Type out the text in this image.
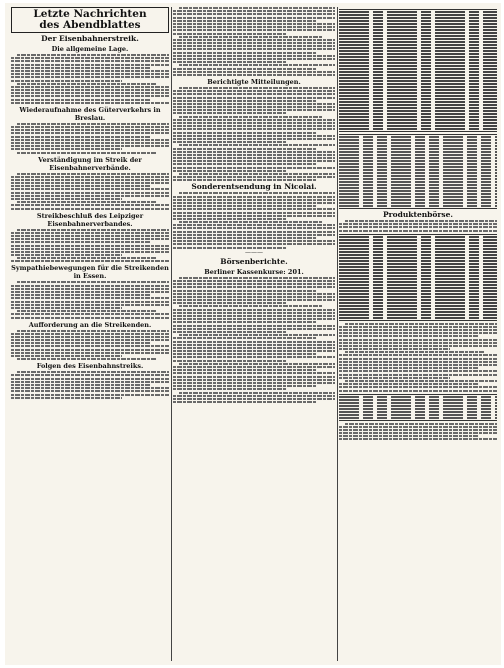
Letzte Nachrichten
des Abendblattes
Der Eisenbahnerstreik.
Die allgemeine Lage.
Wiederaufnahme des Güterverkehrs in Breslau.
Verständigung im Streik der Eisenbahnerverbände.
Streikbeschluß des Leipziger Eisenbahnerverbandes.
Sympathiebewegungen für die Streikenden in Essen.
Aufforderung an die Streikenden.
Folgen des Eisenbahnstreiks.
Berichtigte Mitteilungen.
Sonderentsendung in Nicolai.
———
Börsenberichte.
Berliner Kassenkurse: 201.
Produktenbörse.
